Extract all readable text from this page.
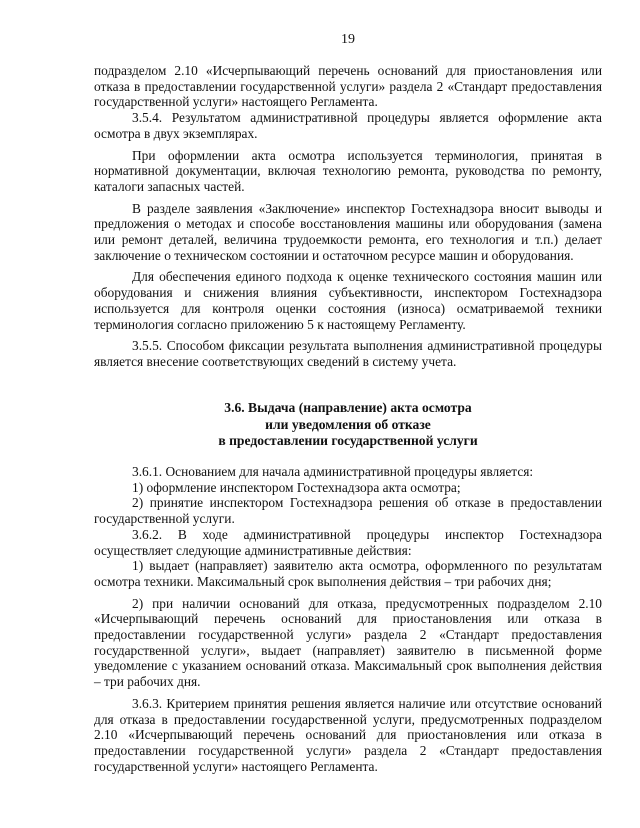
19

подразделом 2.10 «Исчерпывающий перечень оснований для приостановления или отказа в предоставлении государственной услуги» раздела 2 «Стандарт предоставления государственной услуги» настоящего Регламента.

3.5.4. Результатом административной процедуры является оформление акта осмотра в двух экземплярах.

При оформлении акта осмотра используется терминология, принятая в нормативной документации, включая технологию ремонта, руководства по ремонту, каталоги запасных частей.

В разделе заявления «Заключение» инспектор Гостехнадзора вносит выводы и предложения о методах и способе восстановления машины или оборудования (замена или ремонт деталей, величина трудоемкости ремонта, его технология и т.п.) делает заключение о техническом состоянии и остаточном ресурсе машин и оборудования.

Для обеспечения единого подхода к оценке технического состояния машин или оборудования и снижения влияния субъективности, инспектором Гостехнадзора используется для контроля оценки состояния (износа) осматриваемой техники терминология согласно приложению 5 к настоящему Регламенту.

3.5.5. Способом фиксации результата выполнения административной процедуры является внесение соответствующих сведений в систему учета.

3.6. Выдача (направление) акта осмотра
или уведомления об отказе
в предоставлении государственной услуги

3.6.1. Основанием для начала административной процедуры является:

1) оформление инспектором Гостехнадзора акта осмотра;

2) принятие инспектором Гостехнадзора решения об отказе в предоставлении государственной услуги.

3.6.2. В ходе административной процедуры инспектор Гостехнадзора осуществляет следующие административные действия:

1) выдает (направляет) заявителю акта осмотра, оформленного по результатам осмотра техники. Максимальный срок выполнения действия – три рабочих дня;

2) при наличии оснований для отказа, предусмотренных подразделом 2.10 «Исчерпывающий перечень оснований для приостановления или отказа в предоставлении государственной услуги» раздела 2 «Стандарт предоставления государственной услуги», выдает (направляет) заявителю в письменной форме уведомление с указанием оснований отказа. Максимальный срок выполнения действия – три рабочих дня.

3.6.3. Критерием принятия решения является наличие или отсутствие оснований для отказа в предоставлении государственной услуги, предусмотренных подразделом 2.10 «Исчерпывающий перечень оснований для приостановления или отказа в предоставлении государственной услуги» раздела 2 «Стандарт предоставления государственной услуги» настоящего Регламента.
